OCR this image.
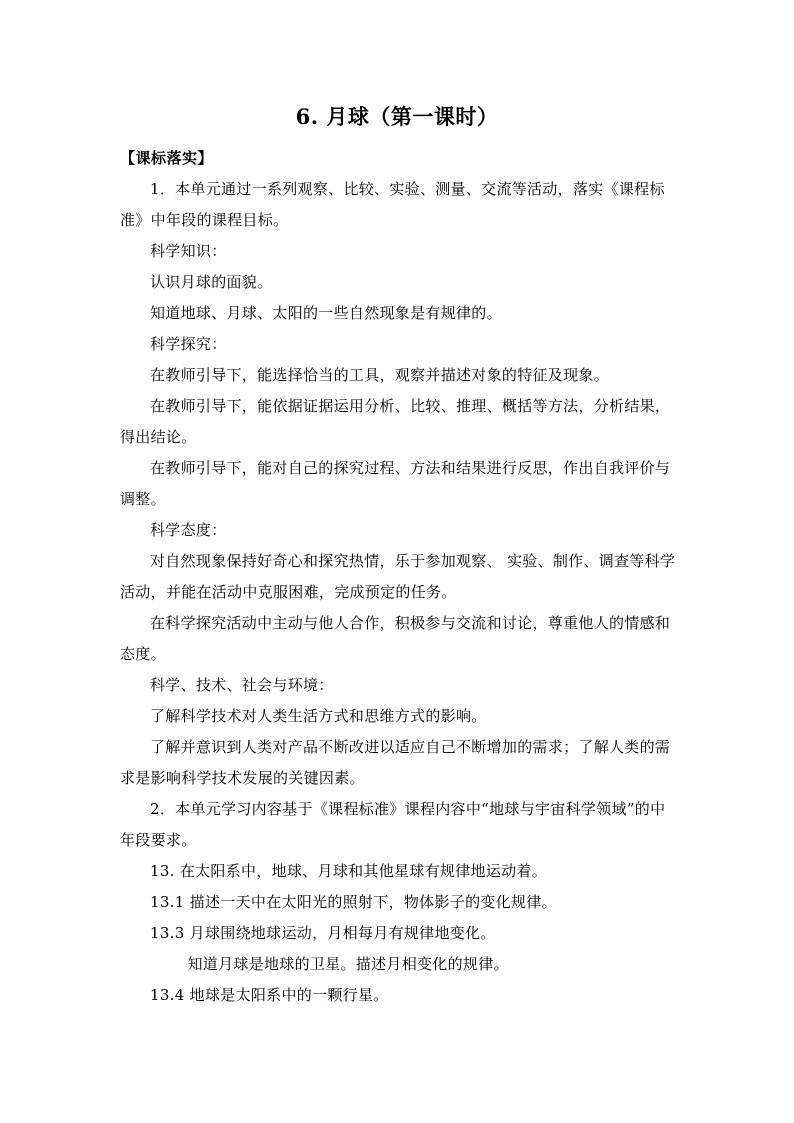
6. 月球（第一课时）

【课标落实】

1．本单元通过一系列观察、比较、实验、测量、交流等活动，落实《课程标准》中年段的课程目标。

科学知识：

认识月球的面貌。

知道地球、月球、太阳的一些自然现象是有规律的。

科学探究：

在教师引导下，能选择恰当的工具，观察并描述对象的特征及现象。

在教师引导下，能依据证据运用分析、比较、推理、概括等方法，分析结果，得出结论。

在教师引导下，能对自己的探究过程、方法和结果进行反思，作出自我评价与调整。

科学态度：

对自然现象保持好奇心和探究热情，乐于参加观察、 实验、制作、调查等科学活动，并能在活动中克服困难，完成预定的任务。

在科学探究活动中主动与他人合作，积极参与交流和讨论，尊重他人的情感和态度。

科学、技术、社会与环境：

了解科学技术对人类生活方式和思维方式的影响。

了解并意识到人类对产品不断改进以适应自己不断增加的需求；了解人类的需求是影响科学技术发展的关键因素。

2．本单元学习内容基于《课程标准》课程内容中“地球与宇宙科学领域”的中年段要求。

13. 在太阳系中，地球、月球和其他星球有规律地运动着。

13.1 描述一天中在太阳光的照射下，物体影子的变化规律。

13.3 月球围绕地球运动，月相每月有规律地变化。

知道月球是地球的卫星。描述月相变化的规律。

13.4 地球是太阳系中的一颗行星。
